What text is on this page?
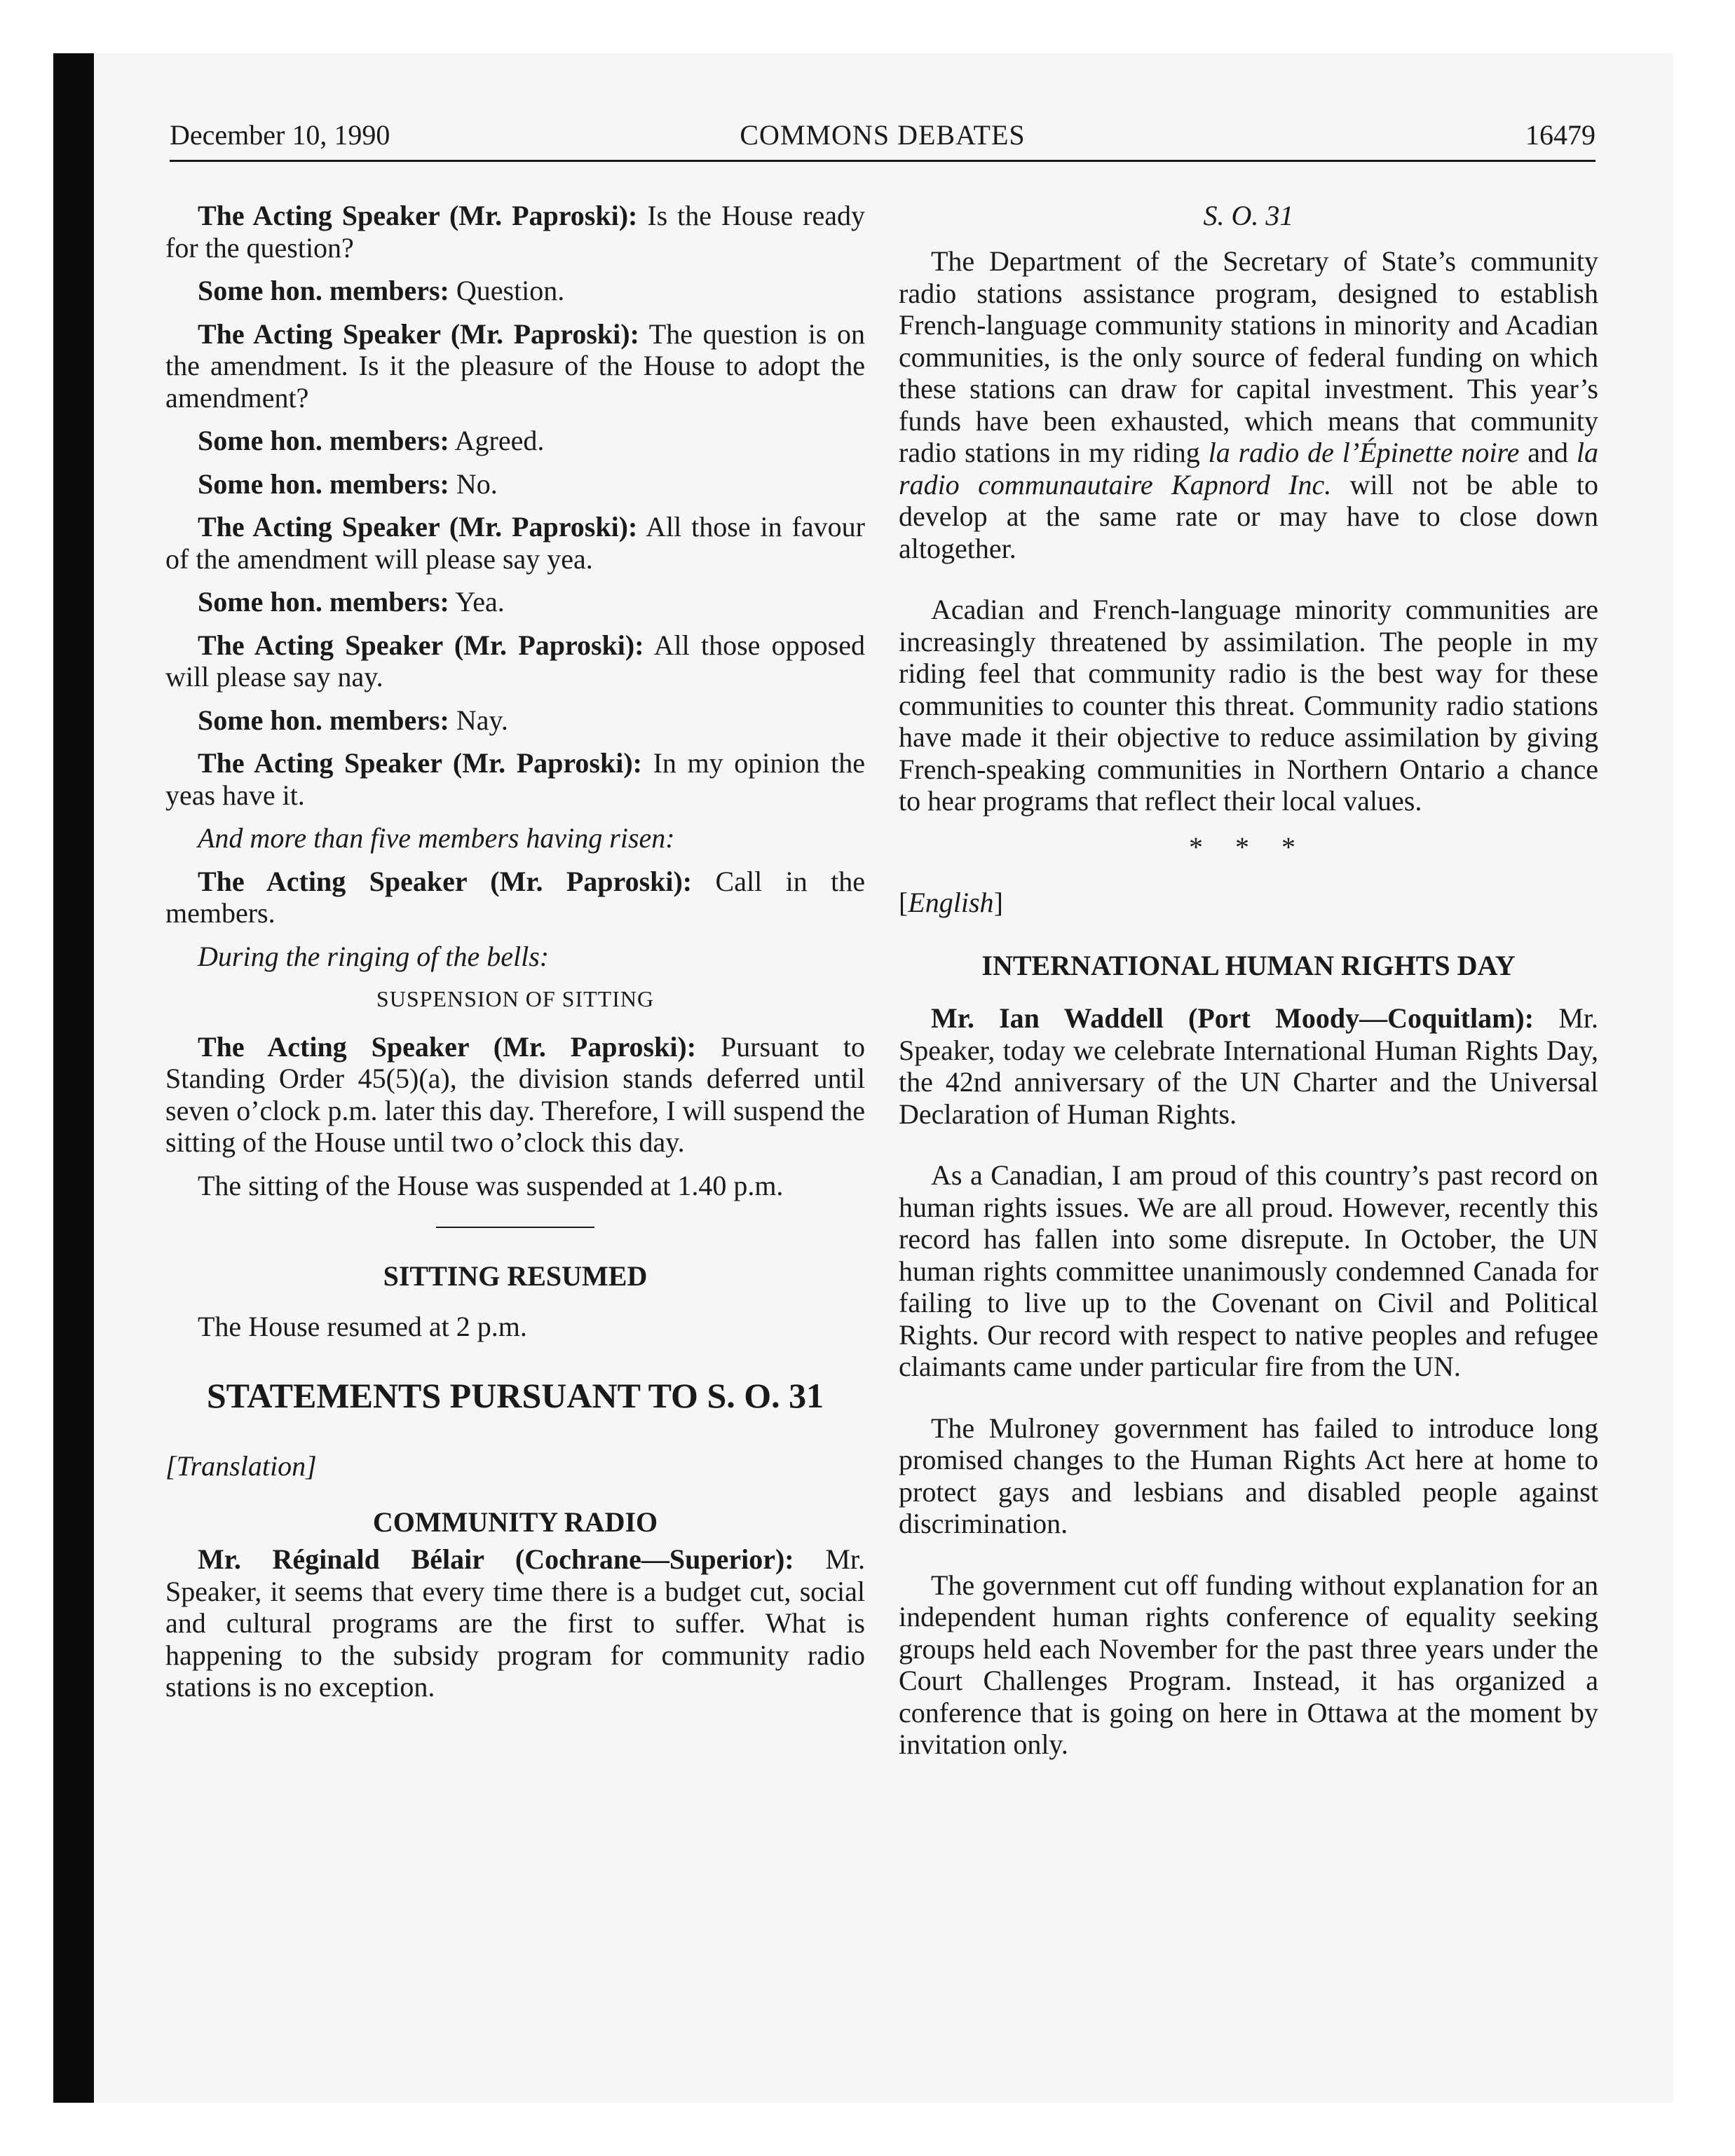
December 10, 1990	COMMONS DEBATES	16479

The Acting Speaker (Mr. Paproski): Is the House ready for the question?

Some hon. members: Question.

The Acting Speaker (Mr. Paproski): The question is on the amendment. Is it the pleasure of the House to adopt the amendment?

Some hon. members: Agreed.

Some hon. members: No.

The Acting Speaker (Mr. Paproski): All those in favour of the amendment will please say yea.

Some hon. members: Yea.

The Acting Speaker (Mr. Paproski): All those opposed will please say nay.

Some hon. members: Nay.

The Acting Speaker (Mr. Paproski): In my opinion the yeas have it.

And more than five members having risen:

The Acting Speaker (Mr. Paproski): Call in the members.

During the ringing of the bells:

SUSPENSION OF SITTING

The Acting Speaker (Mr. Paproski): Pursuant to Standing Order 45(5)(a), the division stands deferred until seven o’clock p.m. later this day. Therefore, I will suspend the sitting of the House until two o’clock this day.

The sitting of the House was suspended at 1.40 p.m.

SITTING RESUMED

The House resumed at 2 p.m.

STATEMENTS PURSUANT TO S. O. 31

[Translation]

COMMUNITY RADIO

Mr. Réginald Bélair (Cochrane—Superior): Mr. Speaker, it seems that every time there is a budget cut, social and cultural programs are the first to suffer. What is happening to the subsidy program for community radio stations is no exception.

S. O. 31

The Department of the Secretary of State’s community radio stations assistance program, designed to establish French-language community stations in minority and Acadian communities, is the only source of federal funding on which these stations can draw for capital investment. This year’s funds have been exhausted, which means that community radio stations in my riding la radio de l’Épinette noire and la radio communautaire Kapnord Inc. will not be able to develop at the same rate or may have to close down altogether.

Acadian and French-language minority communities are increasingly threatened by assimilation. The people in my riding feel that community radio is the best way for these communities to counter this threat. Community radio stations have made it their objective to reduce assimilation by giving French-speaking communities in Northern Ontario a chance to hear programs that reflect their local values.

* * *

[English]

INTERNATIONAL HUMAN RIGHTS DAY

Mr. Ian Waddell (Port Moody—Coquitlam): Mr. Speaker, today we celebrate International Human Rights Day, the 42nd anniversary of the UN Charter and the Universal Declaration of Human Rights.

As a Canadian, I am proud of this country’s past record on human rights issues. We are all proud. However, recently this record has fallen into some disrepute. In October, the UN human rights committee unanimously condemned Canada for failing to live up to the Covenant on Civil and Political Rights. Our record with respect to native peoples and refugee claimants came under particular fire from the UN.

The Mulroney government has failed to introduce long promised changes to the Human Rights Act here at home to protect gays and lesbians and disabled people against discrimination.

The government cut off funding without explanation for an independent human rights conference of equality seeking groups held each November for the past three years under the Court Challenges Program. Instead, it has organized a conference that is going on here in Ottawa at the moment by invitation only.
